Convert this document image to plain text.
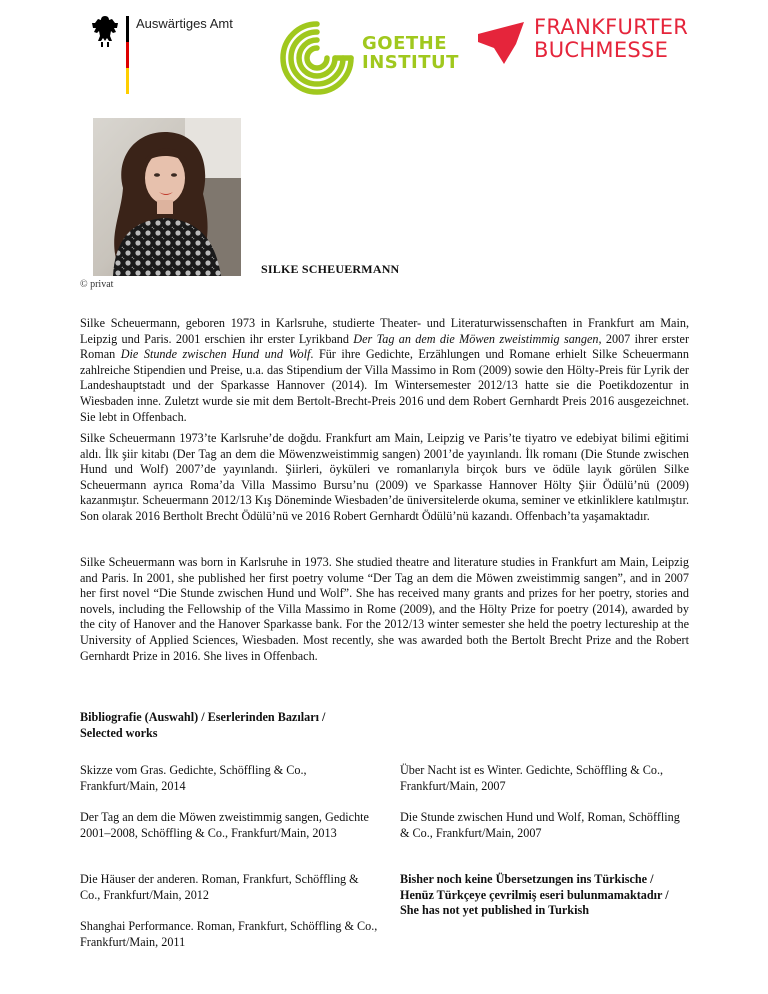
Auswärtiges Amt
GOETHE
INSTITUT
FRANKFURTER
BUCHMESSE
© privat
SILKE SCHEUERMANN

Silke Scheuermann, geboren 1973 in Karlsruhe, studierte Theater- und Literaturwissenschaften in Frankfurt am Main, Leipzig und Paris. 2001 erschien ihr erster Lyrikband Der Tag an dem die Möwen zweistimmig sangen, 2007 ihrer erster Roman Die Stunde zwischen Hund und Wolf. Für ihre Gedichte, Erzählungen und Romane erhielt Silke Scheuermann zahlreiche Stipendien und Preise, u.a. das Stipendium der Villa Massimo in Rom (2009) sowie den Hölty-Preis für Lyrik der Landeshauptstadt und der Sparkasse Hannover (2014). Im Wintersemester 2012/13 hatte sie die Poetikdozentur in Wiesbaden inne. Zuletzt wurde sie mit dem Bertolt-Brecht-Preis 2016 und dem Robert Gernhardt Preis 2016 ausgezeichnet. Sie lebt in Offenbach.

Silke Scheuermann 1973’te Karlsruhe’de doğdu. Frankfurt am Main, Leipzig ve Paris’te tiyatro ve edebiyat bilimi eğitimi aldı. İlk şiir kitabı (Der Tag an dem die Möwenzweistimmig sangen) 2001’de yayınlandı. İlk romanı (Die Stunde zwischen Hund und Wolf) 2007’de yayınlandı. Şiirleri, öyküleri ve romanlarıyla birçok burs ve ödüle layık görülen Silke Scheuermann ayrıca Roma’da Villa Massimo Bursu’nu (2009) ve Sparkasse Hannover Hölty Şiir Ödülü’nü (2009) kazanmıştır. Scheuermann 2012/13 Kış Döneminde Wiesbaden’de üniversitelerde okuma, seminer ve etkinliklere katılmıştır. Son olarak 2016 Bertholt Brecht Ödülü’nü ve 2016 Robert Gernhardt Ödülü’nü kazandı. Offenbach’ta yaşamaktadır.

Silke Scheuermann was born in Karlsruhe in 1973. She studied theatre and literature studies in Frankfurt am Main, Leipzig and Paris. In 2001, she published her first poetry volume “Der Tag an dem die Möwen zweistimmig sangen”, and in 2007 her first novel “Die Stunde zwischen Hund und Wolf”. She has received many grants and prizes for her poetry, stories and novels, including the Fellowship of the Villa Massimo in Rome (2009), and the Hölty Prize for poetry (2014), awarded by the city of Hanover and the Hanover Sparkasse bank. For the 2012/13 winter semester she held the poetry lectureship at the University of Applied Sciences, Wiesbaden. Most recently, she was awarded both the Bertolt Brecht Prize and the Robert Gernhardt Prize in 2016. She lives in Offenbach.

Bibliografie (Auswahl) / Eserlerinden Bazıları /
Selected works

Skizze vom Gras. Gedichte, Schöffling & Co., Frankfurt/Main, 2014

Der Tag an dem die Möwen zweistimmig sangen, Gedichte 2001–2008, Schöffling & Co., Frankfurt/Main, 2013

Die Häuser der anderen. Roman, Frankfurt, Schöffling & Co., Frankfurt/Main, 2012

Shanghai Performance. Roman, Frankfurt, Schöffling & Co., Frankfurt/Main, 2011

Über Nacht ist es Winter. Gedichte, Schöffling & Co., Frankfurt/Main, 2007

Die Stunde zwischen Hund und Wolf, Roman, Schöffling & Co., Frankfurt/Main, 2007

Bisher noch keine Übersetzungen ins Türkische / Henüz Türkçeye çevrilmiş eseri bulunmamaktadır / She has not yet published in Turkish
